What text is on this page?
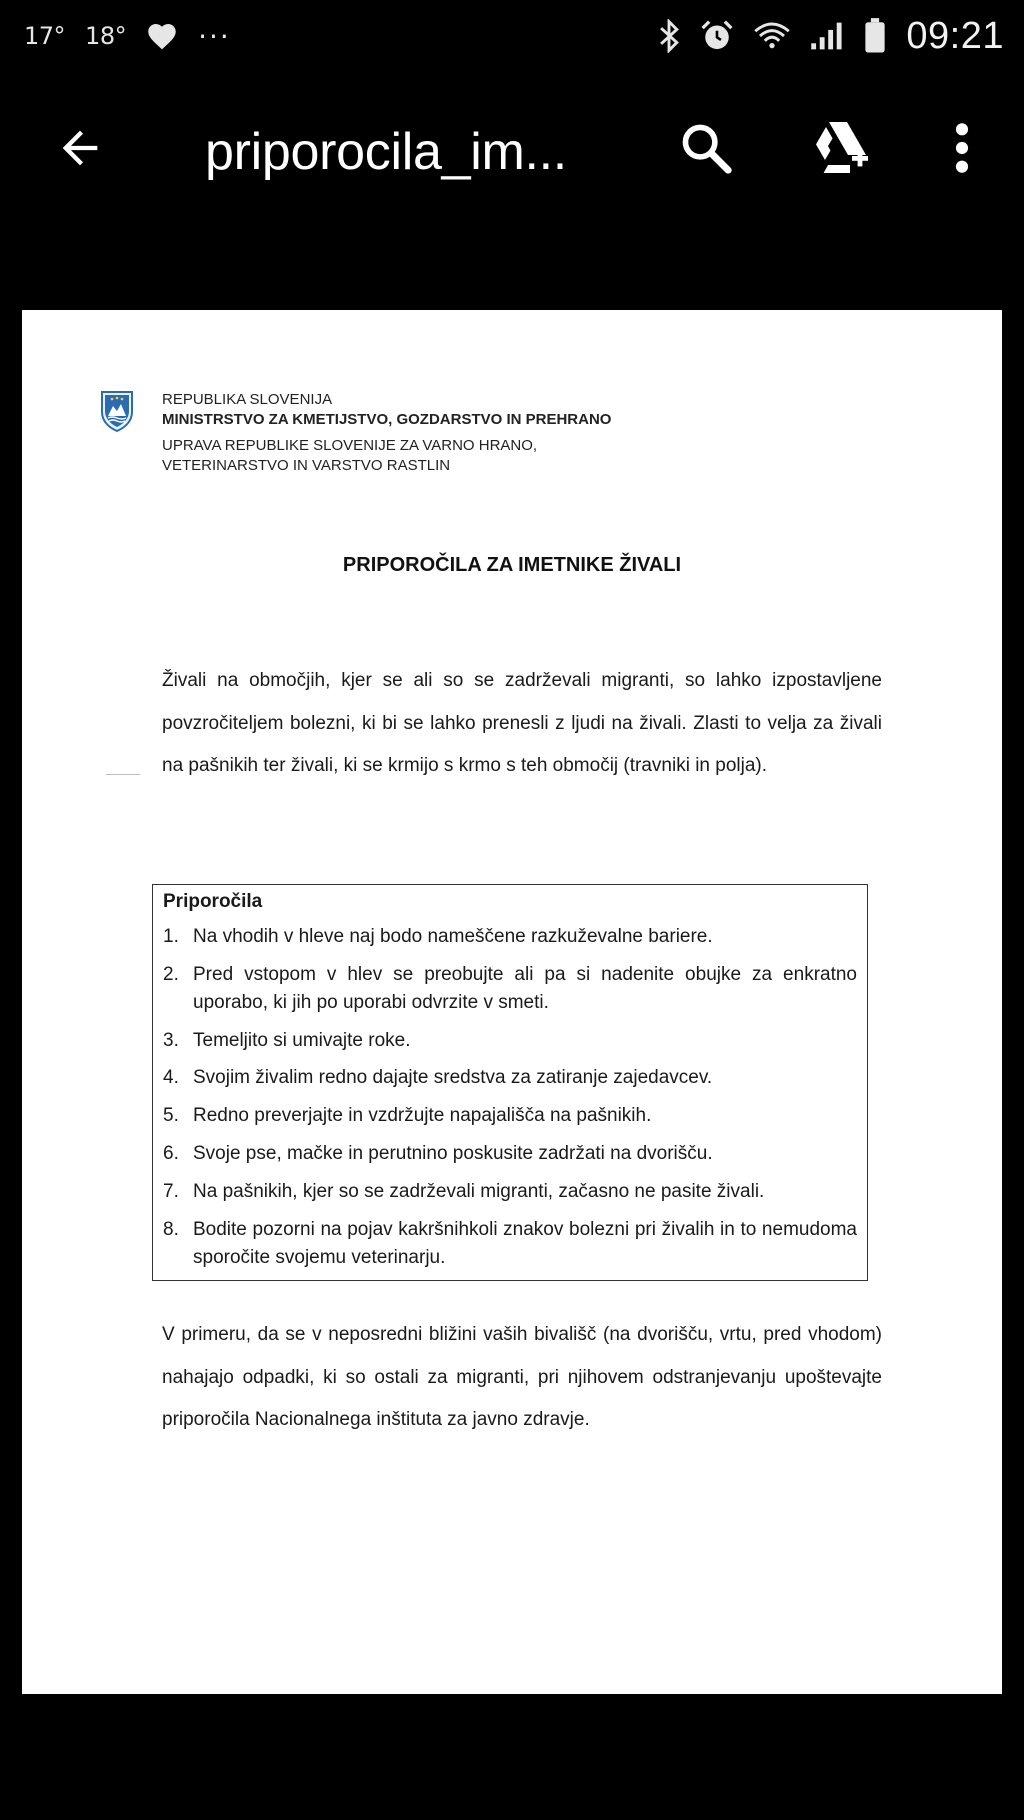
17° 18°	···	09:21
priporocila_im...
REPUBLIKA SLOVENIJA
MINISTRSTVO ZA KMETIJSTVO, GOZDARSTVO IN PREHRANO
UPRAVA REPUBLIKE SLOVENIJE ZA VARNO HRANO,
VETERINARSTVO IN VARSTVO RASTLIN
PRIPOROČILA ZA IMETNIKE ŽIVALI
Živali na območjih, kjer se ali so se zadrževali migranti, so lahko izpostavljene povzročiteljem bolezni, ki bi se lahko prenesli z ljudi na živali. Zlasti to velja za živali na pašnikih ter živali, ki se krmijo s krmo s teh območij (travniki in polja).
Priporočila
1. Na vhodih v hleve naj bodo nameščene razkuževalne bariere.
2. Pred vstopom v hlev se preobujte ali pa si nadenite obujke za enkratno uporabo, ki jih po uporabi odvrzite v smeti.
3. Temeljito si umivajte roke.
4. Svojim živalim redno dajajte sredstva za zatiranje zajedavcev.
5. Redno preverjajte in vzdržujte napajališča na pašnikih.
6. Svoje pse, mačke in perutnino poskusite zadržati na dvorišču.
7. Na pašnikih, kjer so se zadrževali migranti, začasno ne pasite živali.
8. Bodite pozorni na pojav kakršnihkoli znakov bolezni pri živalih in to nemudoma sporočite svojemu veterinarju.
V primeru, da se v neposredni bližini vaših bivališč (na dvorišču, vrtu, pred vhodom) nahajajo odpadki, ki so ostali za migranti, pri njihovem odstranjevanju upoštevajte priporočila Nacionalnega inštituta za javno zdravje.
